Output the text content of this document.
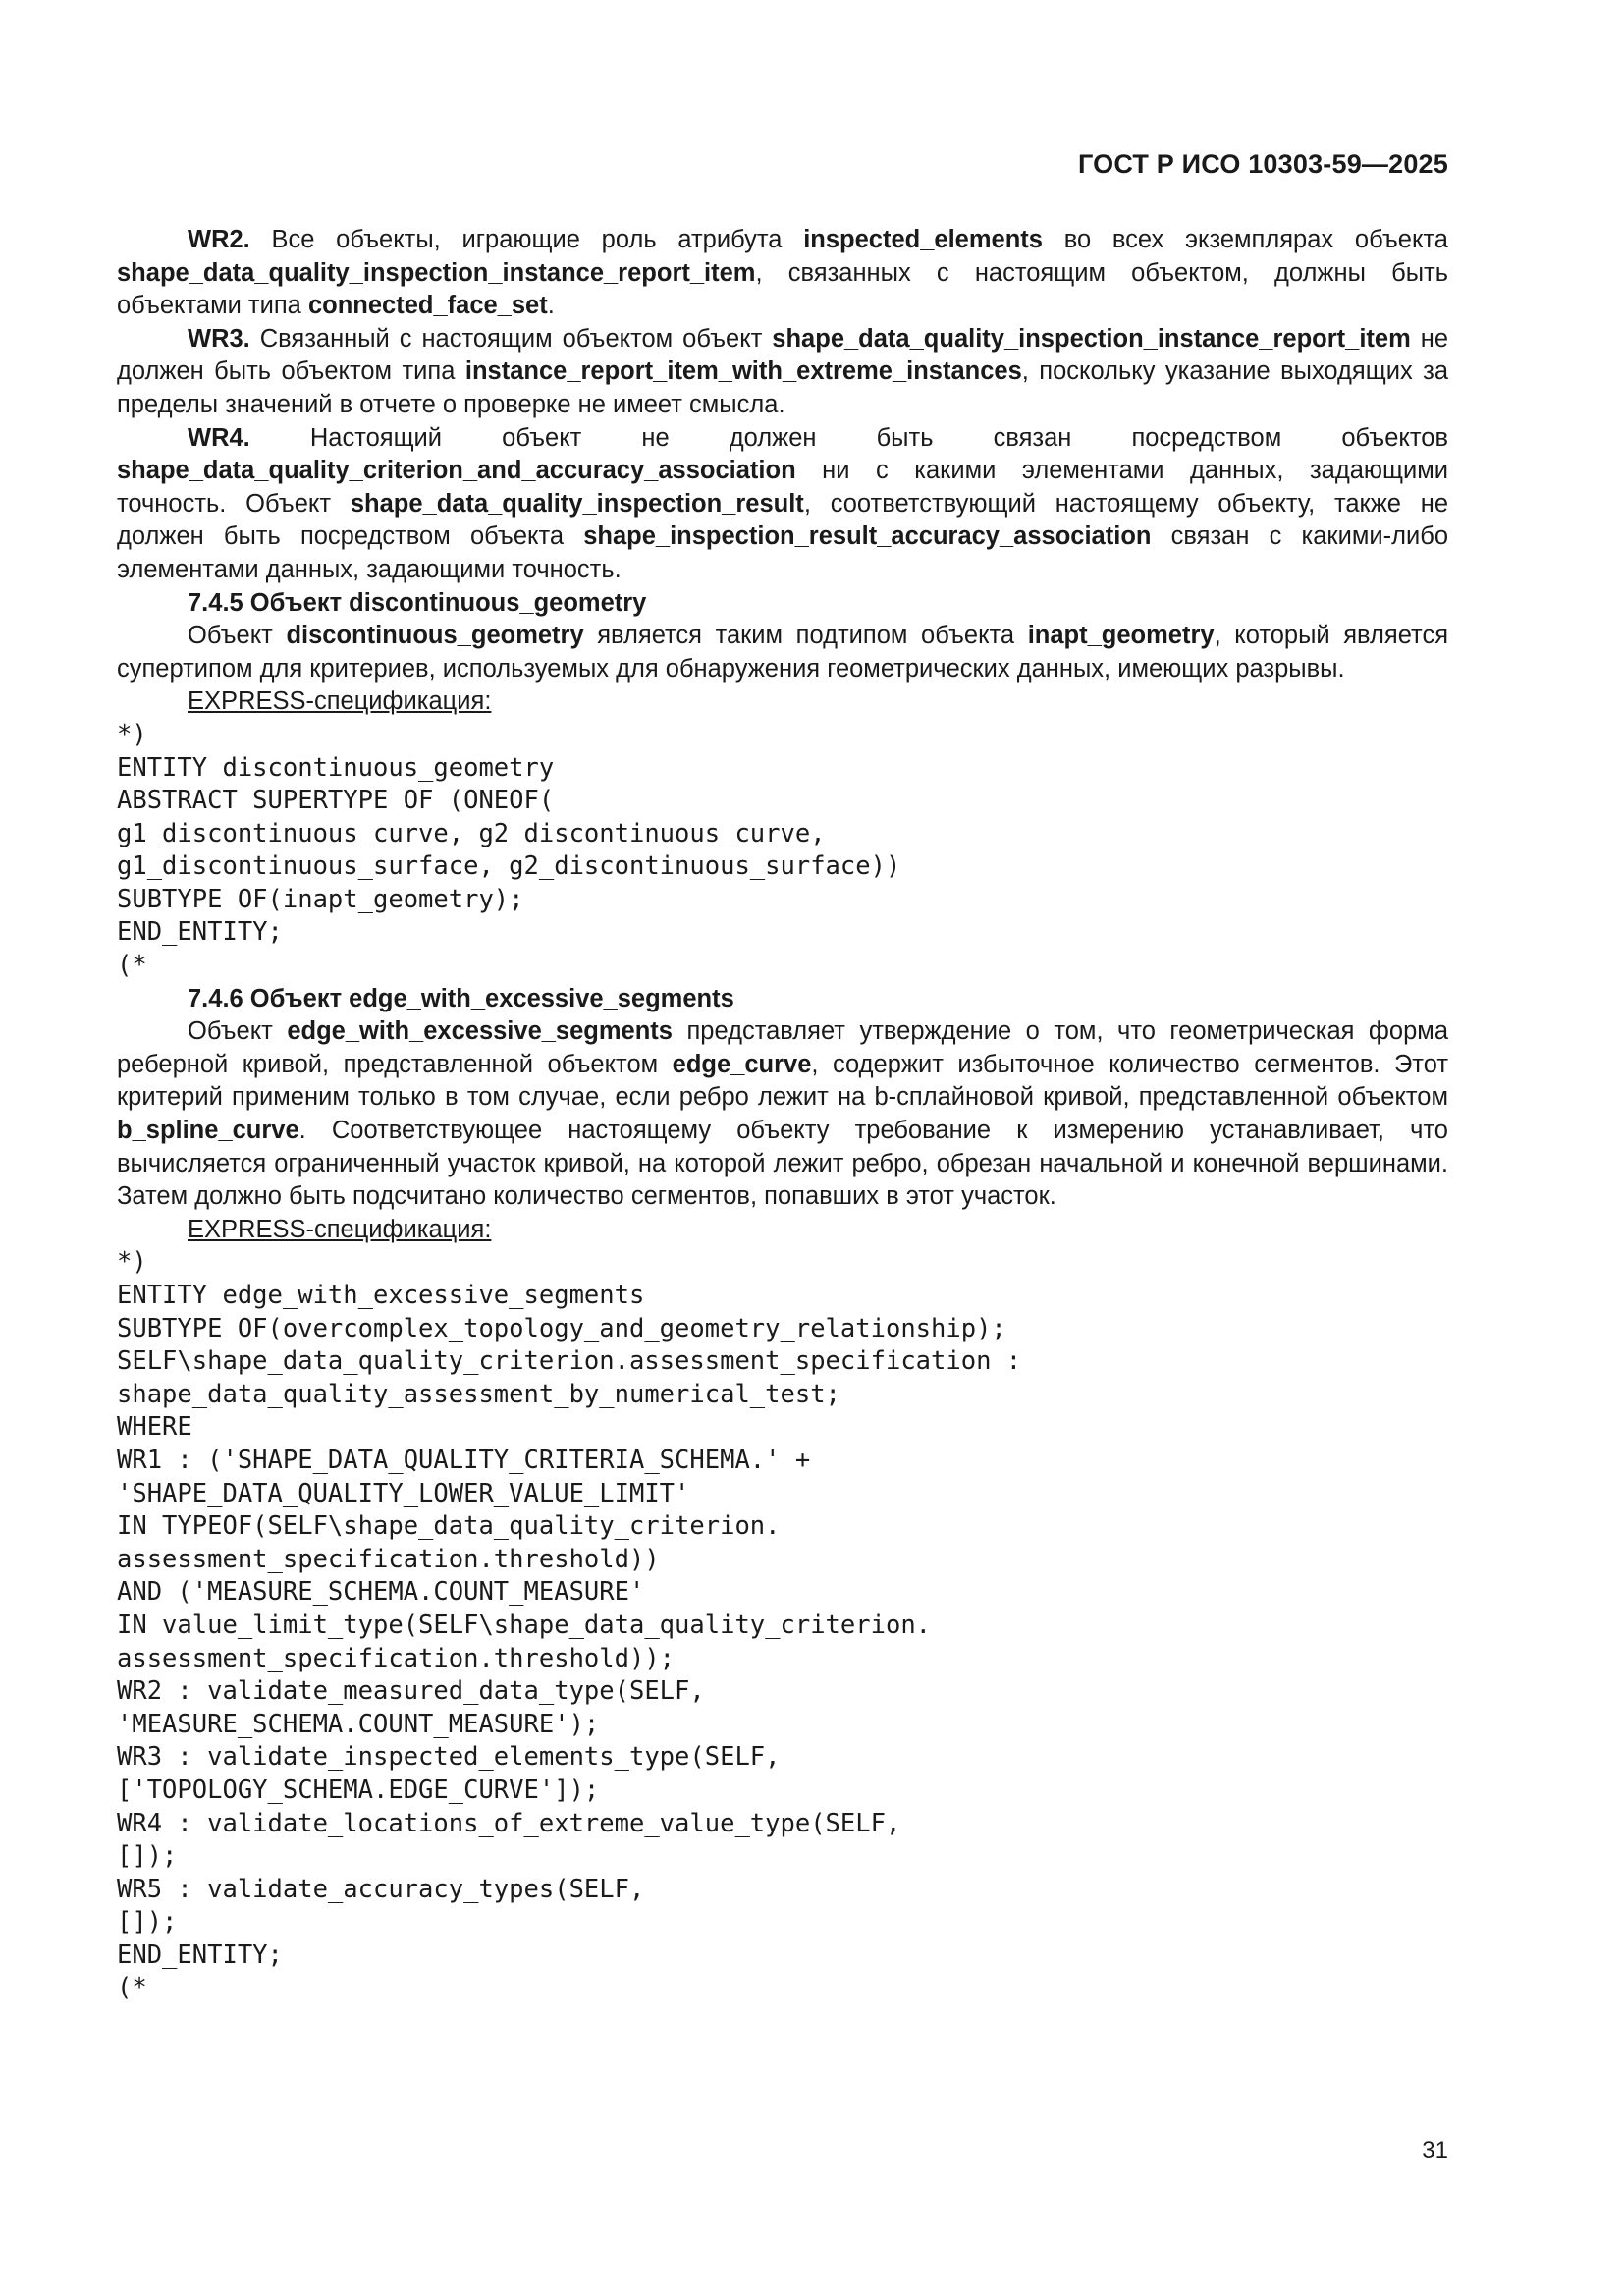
ГОСТ Р ИСО 10303-59—2025

WR2. Все объекты, играющие роль атрибута inspected_elements во всех экземплярах объекта shape_data_quality_inspection_instance_report_item, связанных с настоящим объектом, должны быть объектами типа connected_face_set.

WR3. Связанный с настоящим объектом объект shape_data_quality_inspection_instance_report_item не должен быть объектом типа instance_report_item_with_extreme_instances, поскольку указание выходящих за пределы значений в отчете о проверке не имеет смысла.

WR4. Настоящий объект не должен быть связан посредством объектов shape_data_quality_criterion_and_accuracy_association ни с какими элементами данных, задающими точность. Объект shape_data_quality_inspection_result, соответствующий настоящему объекту, также не должен быть посредством объекта shape_inspection_result_accuracy_association связан с какими-либо элементами данных, задающими точность.

7.4.5 Объект discontinuous_geometry

Объект discontinuous_geometry является таким подтипом объекта inapt_geometry, который является супертипом для критериев, используемых для обнаружения геометрических данных, имеющих разрывы.

EXPRESS-спецификация:

*)
ENTITY discontinuous_geometry
ABSTRACT SUPERTYPE OF (ONEOF(
g1_discontinuous_curve, g2_discontinuous_curve,
g1_discontinuous_surface, g2_discontinuous_surface))
SUBTYPE OF(inapt_geometry);
END_ENTITY;
(*

7.4.6 Объект edge_with_excessive_segments

Объект edge_with_excessive_segments представляет утверждение о том, что геометрическая форма реберной кривой, представленной объектом edge_curve, содержит избыточное количество сегментов. Этот критерий применим только в том случае, если ребро лежит на b-сплайновой кривой, представленной объектом b_spline_curve. Соответствующее настоящему объекту требование к измерению устанавливает, что вычисляется ограниченный участок кривой, на которой лежит ребро, обрезан начальной и конечной вершинами. Затем должно быть подсчитано количество сегментов, попавших в этот участок.

EXPRESS-спецификация:

*)
ENTITY edge_with_excessive_segments
SUBTYPE OF(overcomplex_topology_and_geometry_relationship);
SELF\shape_data_quality_criterion.assessment_specification :
shape_data_quality_assessment_by_numerical_test;
WHERE
WR1 : ('SHAPE_DATA_QUALITY_CRITERIA_SCHEMA.' +
'SHAPE_DATA_QUALITY_LOWER_VALUE_LIMIT'
IN TYPEOF(SELF\shape_data_quality_criterion.
assessment_specification.threshold))
AND ('MEASURE_SCHEMA.COUNT_MEASURE'
IN value_limit_type(SELF\shape_data_quality_criterion.
assessment_specification.threshold));
WR2 : validate_measured_data_type(SELF,
'MEASURE_SCHEMA.COUNT_MEASURE');
WR3 : validate_inspected_elements_type(SELF,
['TOPOLOGY_SCHEMA.EDGE_CURVE']);
WR4 : validate_locations_of_extreme_value_type(SELF,
[]);
WR5 : validate_accuracy_types(SELF,
[]);
END_ENTITY;
(*
31
